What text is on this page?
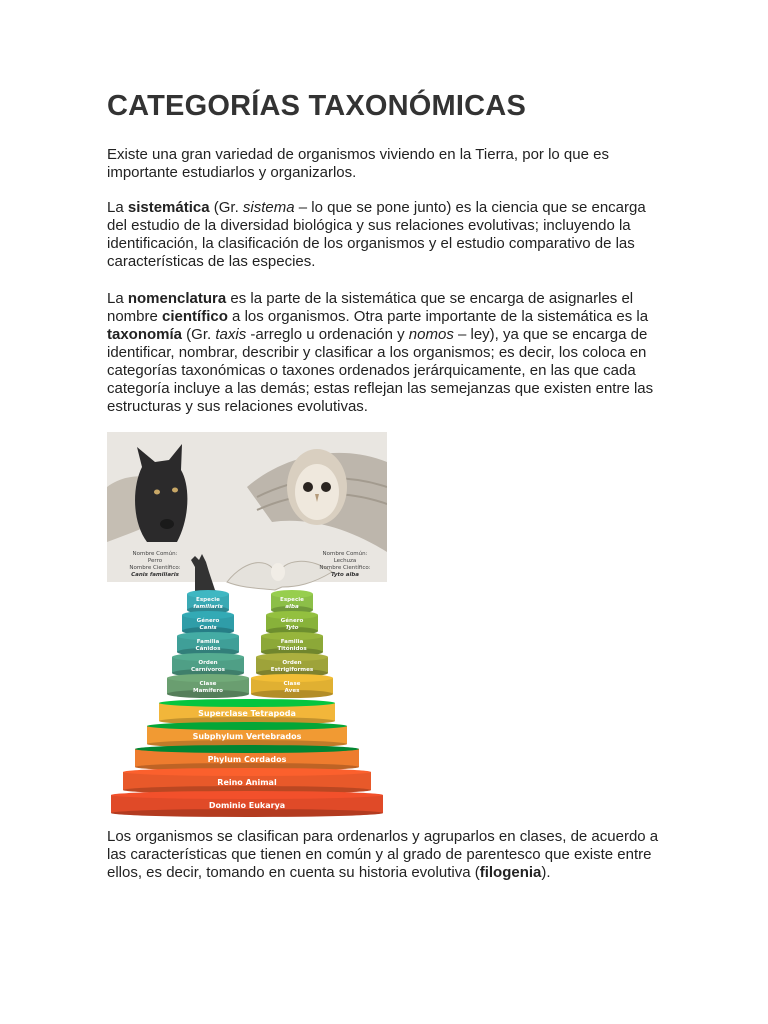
CATEGORÍAS TAXONÓMICAS

Existe una gran variedad de organismos viviendo en la Tierra, por lo que es importante estudiarlos y organizarlos.

La sistemática (Gr. sistema – lo que se pone junto) es la ciencia que se encarga del estudio de la diversidad biológica y sus relaciones evolutivas; incluyendo la identificación, la clasificación de los organismos y el estudio comparativo de las características de las especies.

La nomenclatura es la parte de la sistemática que se encarga de asignarles el nombre científico a los organismos. Otra parte importante de la sistemática es la taxonomía (Gr. taxis -arreglo u ordenación y nomos – ley), ya que se encarga de identificar, nombrar, describir y clasificar a los organismos; es decir, los coloca en categorías taxonómicas o taxones ordenados jerárquicamente, en las que cada categoría incluye a las demás; estas reflejan las semejanzas que existen entre las estructuras y sus relaciones evolutivas.

Los organismos se clasifican para ordenarlos y agruparlos en clases, de acuerdo a las características que tienen en común y al grado de parentesco que existe entre ellos, es decir, tomando en cuenta su historia evolutiva (filogenia).

Nombre Común:
Perro
Nombre Científico:
Canis familiaris
Nombre Común:
Lechuza
Nombre Científico:
Tyto alba
Especie
familiaris
Género
Canis
Familia
Cánidos
Orden
Carnívoros
Clase
Mamífero
Especie
alba
Género
Tyto
Familia
Titónidos
Orden
Estrigiformes
Clase
Aves
Superclase Tetrapoda
Subphylum Vertebrados
Phylum Cordados
Reino Animal
Dominio Eukarya
